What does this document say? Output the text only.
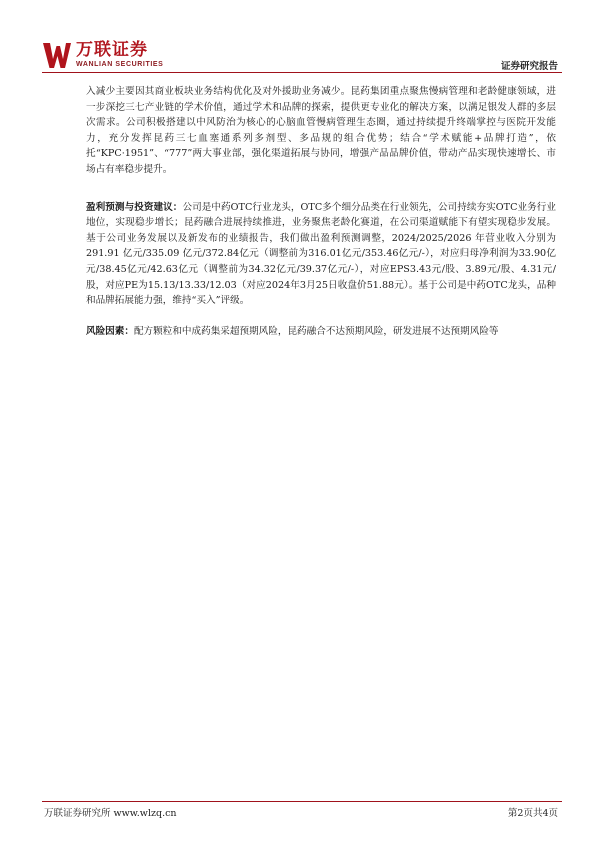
万联证券
WANLIAN SECURITIES	证券研究报告

入减少主要因其商业板块业务结构优化及对外援助业务减少。昆药集团重点聚焦慢病管理和老龄健康领域，进一步深挖三七产业链的学术价值，通过学术和品牌的探索，提供更专业化的解决方案，以满足银发人群的多层次需求。公司积极搭建以中风防治为核心的心脑血管慢病管理生态圈，通过持续提升终端掌控与医院开发能力，充分发挥昆药三七血塞通系列多剂型、多品规的组合优势；结合“学术赋能+品牌打造”，依托“KPC·1951”、“777”两大事业部，强化渠道拓展与协同，增强产品品牌价值，带动产品实现快速增长、市场占有率稳步提升。

盈利预测与投资建议：公司是中药OTC行业龙头，OTC多个细分品类在行业领先，公司持续夯实OTC业务行业地位，实现稳步增长；昆药融合进展持续推进，业务聚焦老龄化赛道，在公司渠道赋能下有望实现稳步发展。基于公司业务发展以及新发布的业绩报告，我们做出盈利预测调整，2024/2025/2026 年营业收入分别为 291.91 亿元/335.09 亿元/372.84亿元（调整前为316.01亿元/353.46亿元/-），对应归母净利润为33.90亿元/38.45亿元/42.63亿元（调整前为34.32亿元/39.37亿元/-），对应EPS3.43元/股、3.89元/股、4.31元/股，对应PE为15.13/13.33/12.03（对应2024年3月25日收盘价51.88元）。基于公司是中药OTC龙头，品种和品牌拓展能力强，维持“买入”评级。

风险因素：配方颗粒和中成药集采超预期风险，昆药融合不达预期风险，研发进展不达预期风险等

万联证券研究所 www.wlzq.cn	第2页共4页
